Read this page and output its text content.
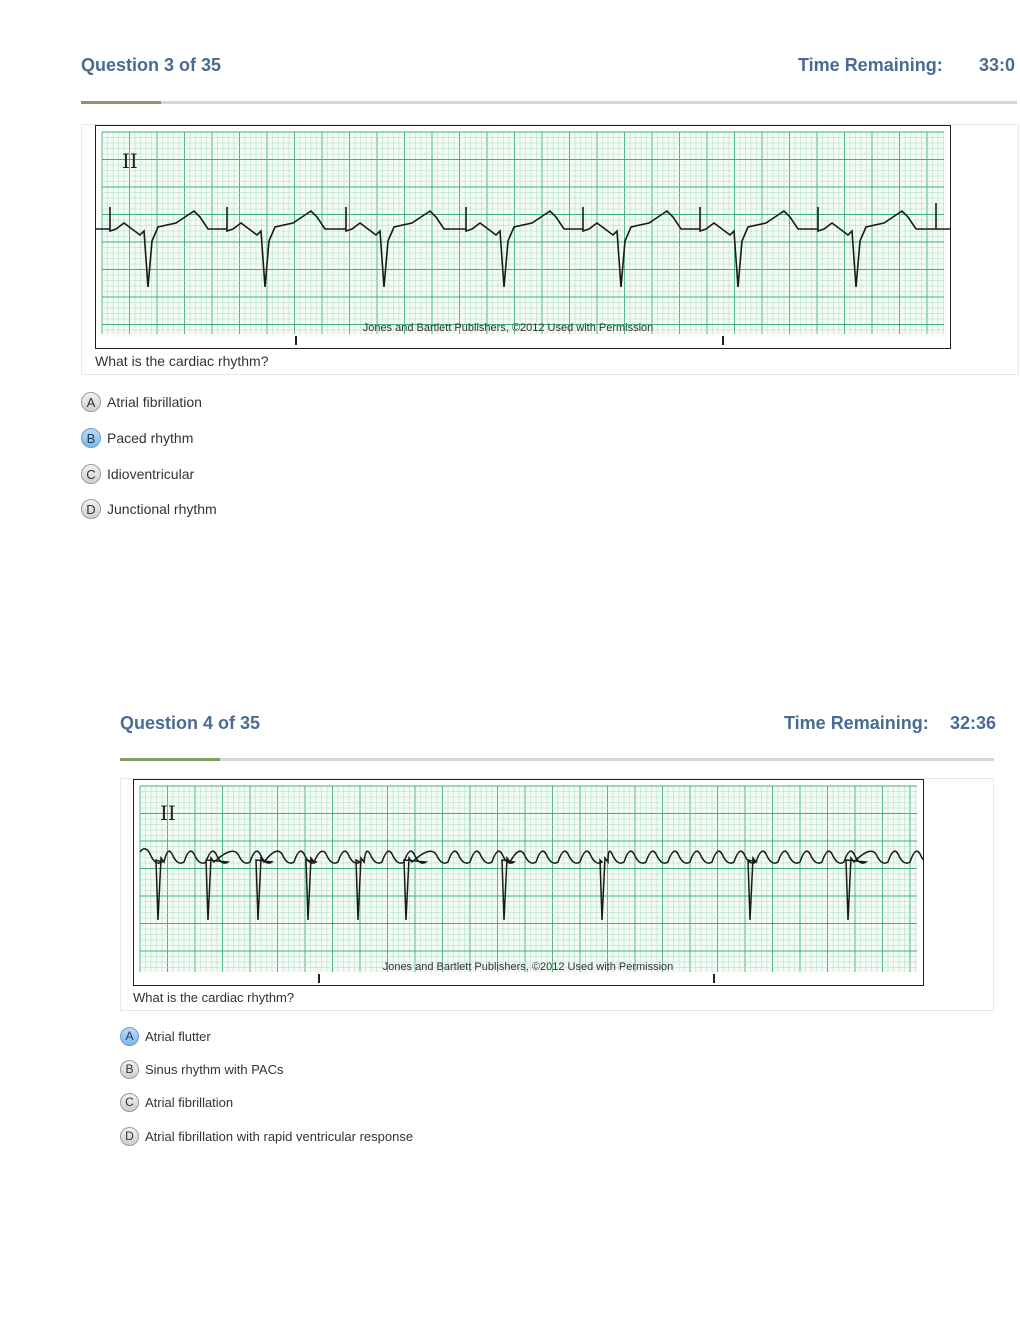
Question 3 of 35	Time Remaining: 33:0
II
Jones and Bartlett Publishers, ©2012 Used with Permission
What is the cardiac rhythm?
A Atrial fibrillation
B Paced rhythm
C Idioventricular
D Junctional rhythm
Question 4 of 35	Time Remaining: 32:36
II
Jones and Bartlett Publishers, ©2012 Used with Permission
What is the cardiac rhythm?
A Atrial flutter
B Sinus rhythm with PACs
C Atrial fibrillation
D Atrial fibrillation with rapid ventricular response
